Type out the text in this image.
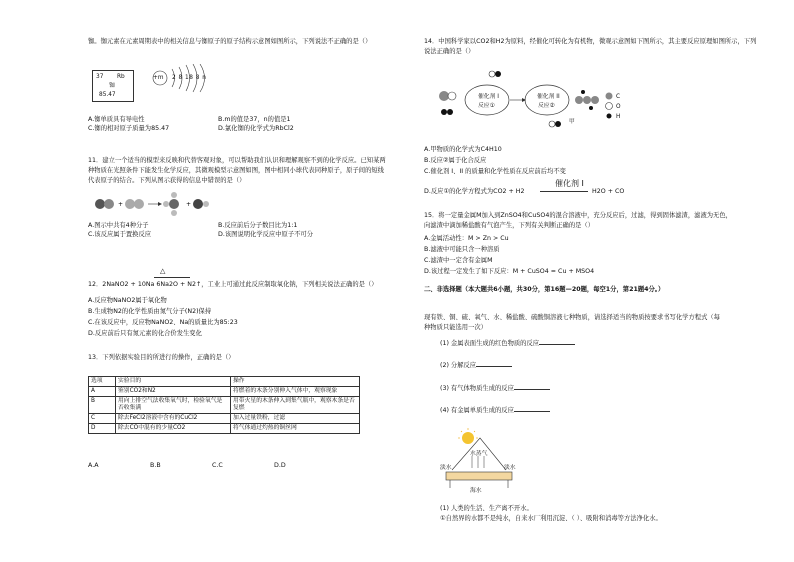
铷。铷元素在元素周期表中的相关信息与铷原子的原子结构示意图如图所示，下列说法不正确的是（）
37 Rb
铷
85.47
+m 2 8 18 8 n
A.铷单质具有导电性	B.m的值是37，n的值是1
C.铷的相对原子质量为85.47	D.氯化铷的化学式为RbCl2
11．建立一个适当的模型来反映和代替客观对象，可以帮助我们认识和理解观察不到的化学反应。已知某两
种物质在光照条件下能发生化学反应，其微观模型示意图如图，图中相同小球代表同种原子，原子间的短线
代表原子的结合。下列从图示获得的信息中错误的是（）
+	+
A.图示中共有4种分子	B.反应前后分子数目比为1:1
C.该反应属于置换反应	D.该图说明化学反应中原子不可分
△
12．2NaNO2 + 10Na 6Na2O + N2↑，工业上可通过此反应制取氧化钠，下列相关说法正确的是（）
A.反应物NaNO2属于氧化物
B.生成物N2的化学性质由氮气分子(N2)保持
C.在该反应中，反应物NaNO2、Na的质量比为85:23
D.反应前后只有氮元素的化合价发生变化
13．下列依据实验目的所进行的操作，正确的是（）
选项	实验目的	操作
A	鉴别CO2和N2	将燃着的木条分别伸入气体中，观察现象
B	用向上排空气法收集氧气时，检验氧气是否收集满	用带火星的木条伸入到集气瓶中，观察木条是否复燃
C	除去FeCl2溶液中含有的CuCl2	加入过量铁粉，过滤
D	除去CO中混有的少量CO2	将气体通过灼热的铜丝网
A.A	B.B	C.C	D.D
14．中国科学家以CO2和H2为原料，经催化可转化为有机物，微观示意图如下图所示，其主要反应原理如图所示，下列
说法正确的是（）
催化剂 I
反应①
催化剂 II
反应②
甲
C
O
H
A.甲物质的化学式为C4H10
B.反应②属于化合反应
C.催化剂 I、II 的质量和化学性质在反应前后均不变
D.反应①的化学方程式为CO2 + H2
催化剂 I
H2O + CO
15．将一定量金属M加入到ZnSO4和CuSO4的混合溶液中，充分反应后，过滤，得到固体滤渣，滤液为无色，
向滤渣中滴加稀盐酸有气泡产生，下列有关判断正确的是（）
A.金属活动性：M > Zn > Cu
B.滤液中可能只含一种溶质
C.滤渣中一定含有金属M
D.该过程一定发生了如下反应：M + CuSO4 = Cu + MSO4
二、非选择题（本大题共6小题，共30分，第16题—20题，每空1分，第21题4分。）
现有铁、铜、硫、氧气、水、稀盐酸、硫酸铜溶液七种物质，请选择适当的物质按要求书写化学方程式（每
种物质只能选用一次）
(1) 金属表面生成的红色物质的反应
(2) 分解反应
(3) 有气体物质生成的反应
(4) 有金属单质生成的反应
水蒸气
淡水	淡水
海水
(1) 人类的生活、生产离不开水。
①自然界的水都不是纯水，自来水厂利用沉淀、（ ）、吸附和消毒等方法净化水。
